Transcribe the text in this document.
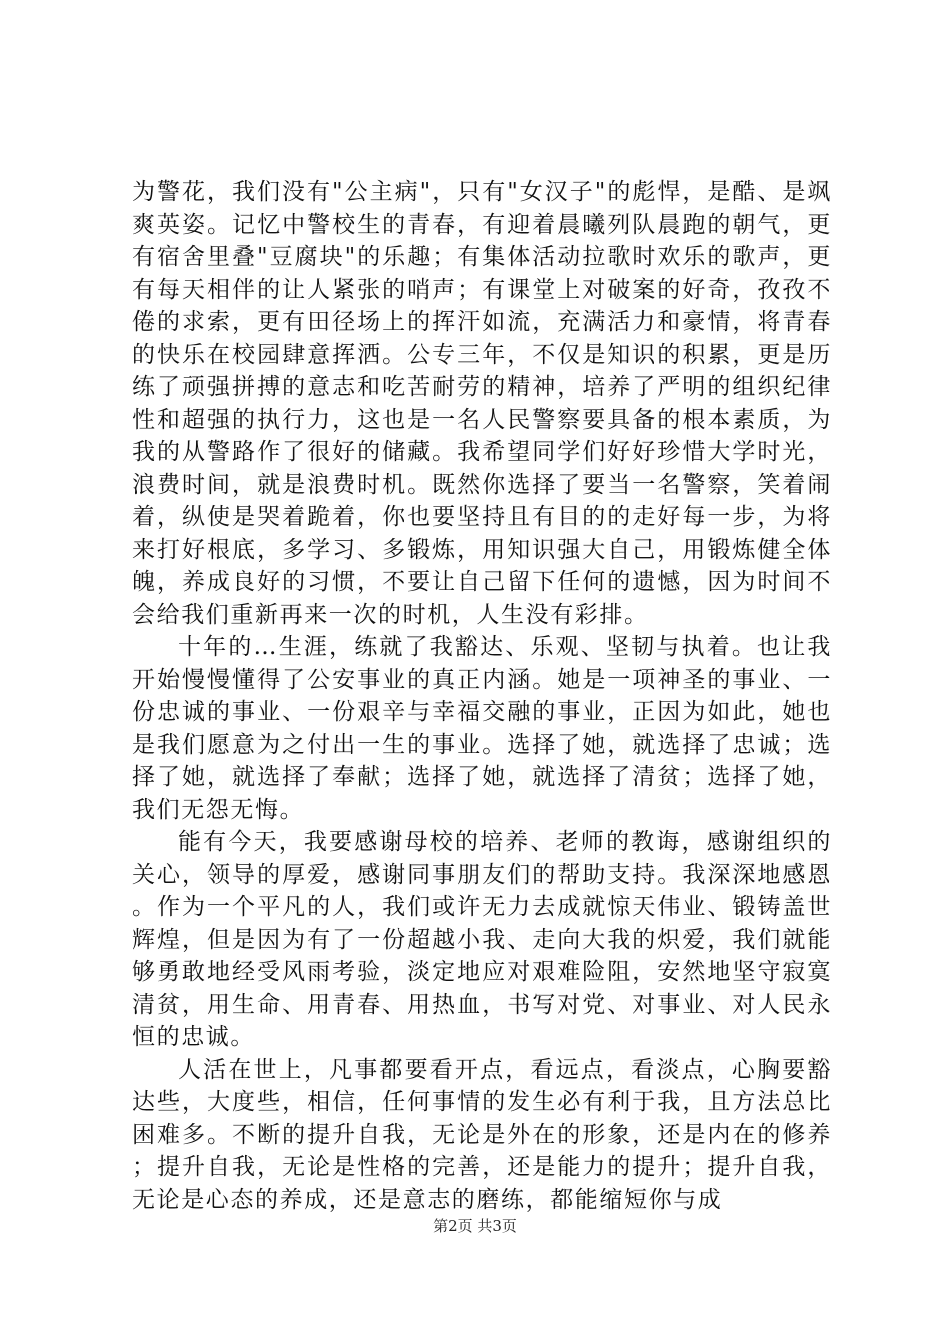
为警花，我们没有"公主病"，只有"女汉子"的彪悍，是酷、是飒爽英姿。记忆中警校生的青春，有迎着晨曦列队晨跑的朝气，更有宿舍里叠"豆腐块"的乐趣；有集体活动拉歌时欢乐的歌声，更有每天相伴的让人紧张的哨声；有课堂上对破案的好奇，孜孜不倦的求索，更有田径场上的挥汗如流，充满活力和豪情，将青春的快乐在校园肆意挥洒。公专三年，不仅是知识的积累，更是历练了顽强拼搏的意志和吃苦耐劳的精神，培养了严明的组织纪律性和超强的执行力，这也是一名人民警察要具备的根本素质，为我的从警路作了很好的储藏。我希望同学们好好珍惜大学时光，浪费时间，就是浪费时机。既然你选择了要当一名警察，笑着闹着，纵使是哭着跪着，你也要坚持且有目的的走好每一步，为将来打好根底，多学习、多锻炼，用知识强大自己，用锻炼健全体魄，养成良好的习惯，不要让自己留下任何的遗憾，因为时间不会给我们重新再来一次的时机，人生没有彩排。

十年的…生涯，练就了我豁达、乐观、坚韧与执着。也让我开始慢慢懂得了公安事业的真正内涵。她是一项神圣的事业、一份忠诚的事业、一份艰辛与幸福交融的事业，正因为如此，她也是我们愿意为之付出一生的事业。选择了她，就选择了忠诚；选择了她，就选择了奉献；选择了她，就选择了清贫；选择了她，我们无怨无悔。

能有今天，我要感谢母校的培养、老师的教诲，感谢组织的关心，领导的厚爱，感谢同事朋友们的帮助支持。我深深地感恩。作为一个平凡的人，我们或许无力去成就惊天伟业、锻铸盖世辉煌，但是因为有了一份超越小我、走向大我的炽爱，我们就能够勇敢地经受风雨考验，淡定地应对艰难险阻，安然地坚守寂寞清贫，用生命、用青春、用热血，书写对党、对事业、对人民永恒的忠诚。

人活在世上，凡事都要看开点，看远点，看淡点，心胸要豁达些，大度些，相信，任何事情的发生必有利于我，且方法总比困难多。不断的提升自我，无论是外在的形象，还是内在的修养；提升自我，无论是性格的完善，还是能力的提升；提升自我，无论是心态的养成，还是意志的磨练，都能缩短你与成

第2页 共3页
